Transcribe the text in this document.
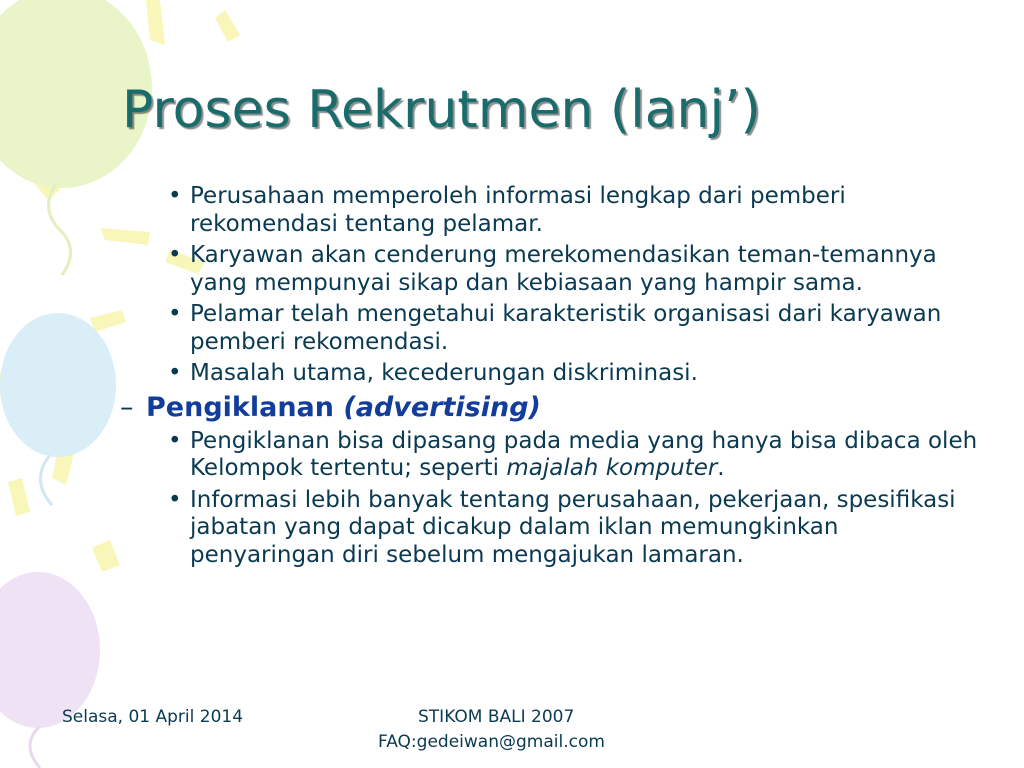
Proses Rekrutmen (lanj’)
• Perusahaan memperoleh informasi lengkap dari pemberi rekomendasi tentang pelamar.
• Karyawan akan cenderung merekomendasikan teman-temannya yang mempunyai sikap dan kebiasaan yang hampir sama.
• Pelamar telah mengetahui karakteristik organisasi dari karyawan pemberi rekomendasi.
• Masalah utama, kecederungan diskriminasi.
– Pengiklanan (advertising)
• Pengiklanan bisa dipasang pada media yang hanya bisa dibaca oleh Kelompok tertentu; seperti majalah komputer.
• Informasi lebih banyak tentang perusahaan, pekerjaan, spesifikasi jabatan yang dapat dicakup dalam iklan memungkinkan penyaringan diri sebelum mengajukan lamaran.
Selasa, 01 April 2014	STIKOM BALI 2007
FAQ:gedeiwan@gmail.com
